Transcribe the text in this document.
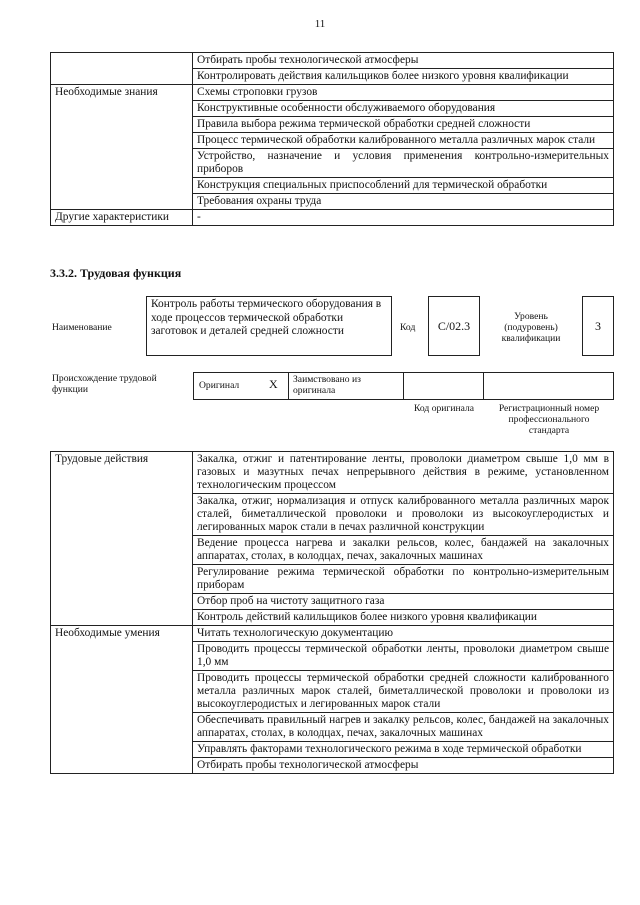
11
	Отбирать пробы технологической атмосферы
	Контролировать действия калильщиков более низкого уровня квалификации
Необходимые знания	Схемы строповки грузов
	Конструктивные особенности обслуживаемого оборудования
	Правила выбора режима термической обработки средней сложности
	Процесс термической обработки калиброванного металла различных марок стали
	Устройство, назначение и условия применения контрольно-измерительных приборов
	Конструкция специальных приспособлений для термической обработки
	Требования охраны труда
Другие характеристики	-
3.3.2. Трудовая функция
Наименование
Контроль работы термического оборудования в ходе процессов термической обработки заготовок и деталей средней сложности	Код	C/02.3
Уровень (подуровень) квалификации
3
Происхождение трудовой функции	Оригинал X Заимствовано из оригинала
Код оригинала	Регистрационный номер профессионального стандарта
Трудовые действия	Закалка, отжиг и патентирование ленты, проволоки диаметром свыше 1,0 мм в газовых и мазутных печах непрерывного действия в режиме, установленном технологическим процессом
	Закалка, отжиг, нормализация и отпуск калиброванного металла различных марок сталей, биметаллической проволоки и проволоки из высокоуглеродистых и легированных марок стали в печах различной конструкции
	Ведение процесса нагрева и закалки рельсов, колес, бандажей на закалочных аппаратах, столах, в колодцах, печах, закалочных машинах
	Регулирование режима термической обработки по контрольно-измерительным приборам
	Отбор проб на чистоту защитного газа
	Контроль действий калильщиков более низкого уровня квалификации
Необходимые умения	Читать технологическую документацию
	Проводить процессы термической обработки ленты, проволоки диаметром свыше 1,0 мм
	Проводить процессы термической обработки средней сложности калиброванного металла различных марок сталей, биметаллической проволоки и проволоки из высокоуглеродистых и легированных марок стали
	Обеспечивать правильный нагрев и закалку рельсов, колес, бандажей на закалочных аппаратах, столах, в колодцах, печах, закалочных машинах
	Управлять факторами технологического режима в ходе термической обработки
	Отбирать пробы технологической атмосферы
